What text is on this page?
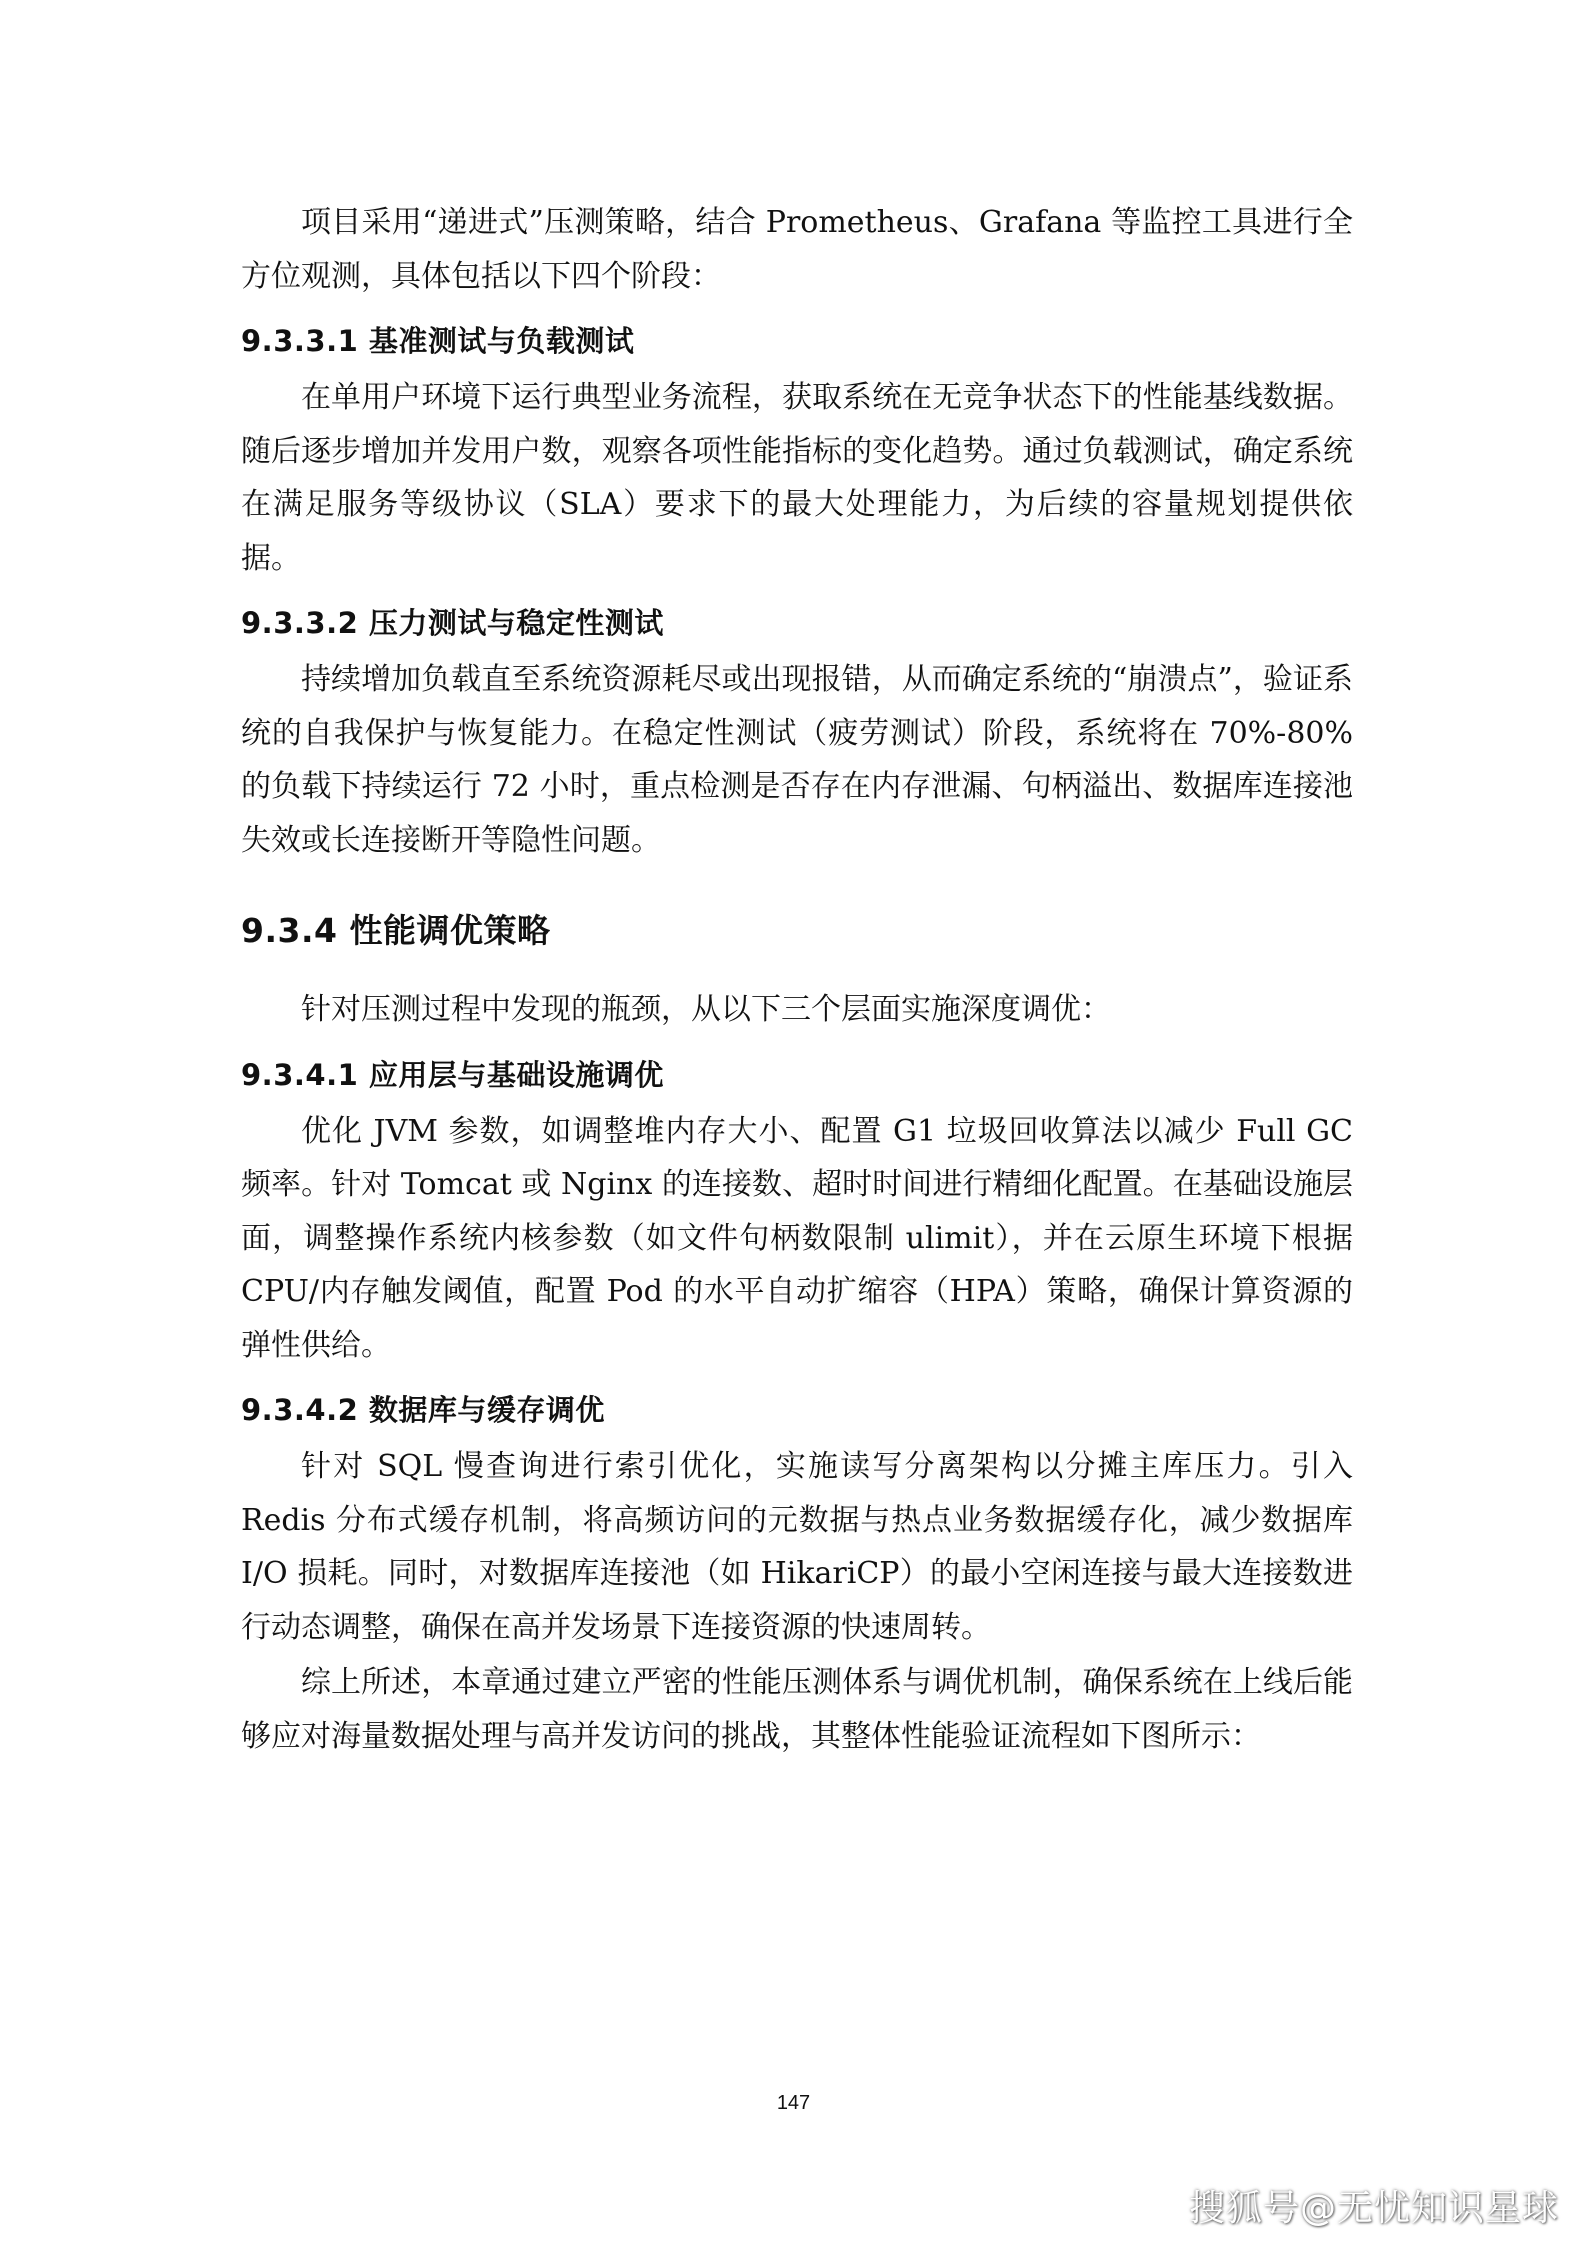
项目采用“递进式”压测策略，结合 Prometheus、Grafana 等监控工具进行全方位观测，具体包括以下四个阶段：

9.3.3.1 基准测试与负载测试

在单用户环境下运行典型业务流程，获取系统在无竞争状态下的性能基线数据。随后逐步增加并发用户数，观察各项性能指标的变化趋势。通过负载测试，确定系统在满足服务等级协议（SLA）要求下的最大处理能力，为后续的容量规划提供依据。

9.3.3.2 压力测试与稳定性测试

持续增加负载直至系统资源耗尽或出现报错，从而确定系统的“崩溃点”，验证系统的自我保护与恢复能力。在稳定性测试（疲劳测试）阶段，系统将在 70%-80% 的负载下持续运行 72 小时，重点检测是否存在内存泄漏、句柄溢出、数据库连接池失效或长连接断开等隐性问题。

9.3.4 性能调优策略

针对压测过程中发现的瓶颈，从以下三个层面实施深度调优：

9.3.4.1 应用层与基础设施调优

优化 JVM 参数，如调整堆内存大小、配置 G1 垃圾回收算法以减少 Full GC 频率。针对 Tomcat 或 Nginx 的连接数、超时时间进行精细化配置。在基础设施层面，调整操作系统内核参数（如文件句柄数限制 ulimit），并在云原生环境下根据 CPU/内存触发阈值，配置 Pod 的水平自动扩缩容（HPA）策略，确保计算资源的弹性供给。

9.3.4.2 数据库与缓存调优

针对 SQL 慢查询进行索引优化，实施读写分离架构以分摊主库压力。引入 Redis 分布式缓存机制，将高频访问的元数据与热点业务数据缓存化，减少数据库 I/O 损耗。同时，对数据库连接池（如 HikariCP）的最小空闲连接与最大连接数进行动态调整，确保在高并发场景下连接资源的快速周转。

综上所述，本章通过建立严密的性能压测体系与调优机制，确保系统在上线后能够应对海量数据处理与高并发访问的挑战，其整体性能验证流程如下图所示：

147
搜狐号@无忧知识星球
